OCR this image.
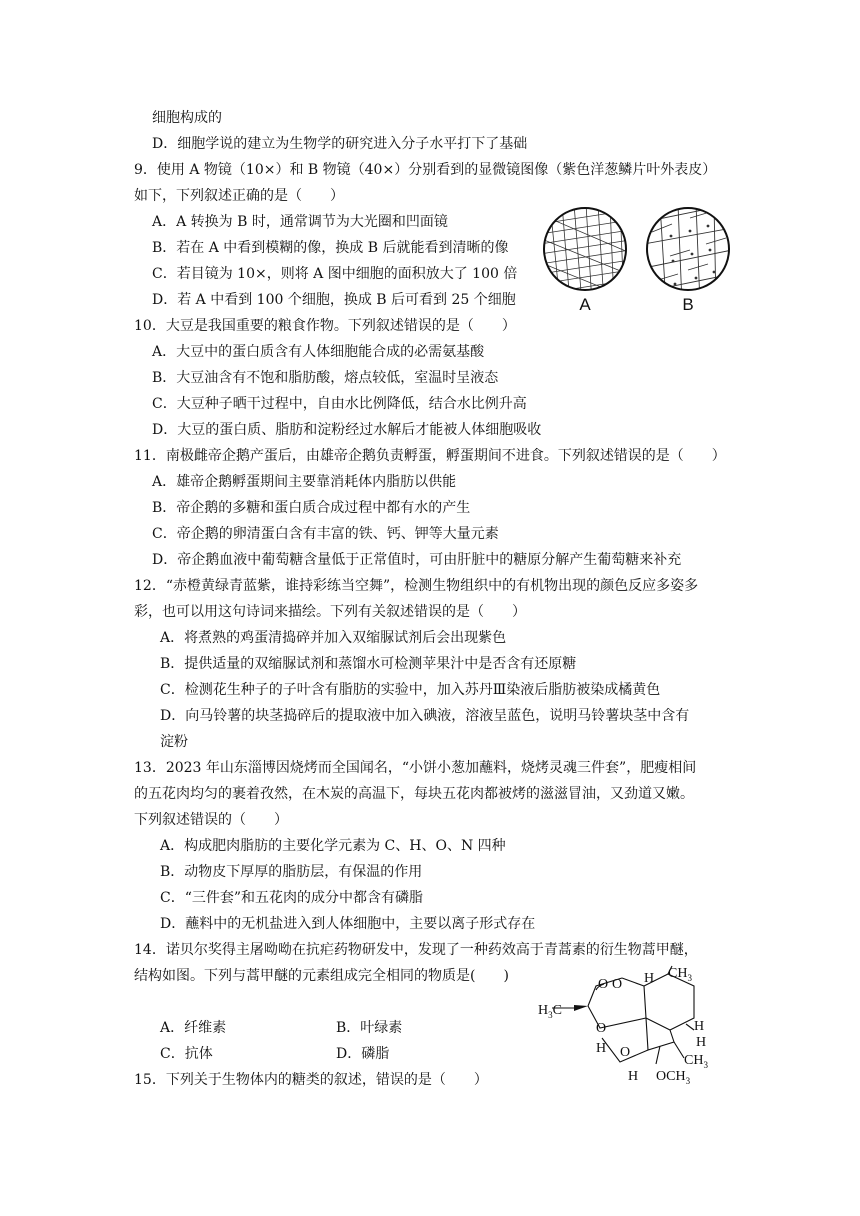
细胞构成的
D．细胞学说的建立为生物学的研究进入分子水平打下了基础
9．使用 A 物镜（10×）和 B 物镜（40×）分别看到的显微镜图像（紫色洋葱鳞片叶外表皮）
如下，下列叙述正确的是（　　）
A．A 转换为 B 时，通常调节为大光圈和凹面镜
B．若在 A 中看到模糊的像，换成 B 后就能看到清晰的像
C．若目镜为 10×，则将 A 图中细胞的面积放大了 100 倍
D．若 A 中看到 100 个细胞，换成 B 后可看到 25 个细胞	A	B
10．大豆是我国重要的粮食作物。下列叙述错误的是（　　）
A．大豆中的蛋白质含有人体细胞能合成的必需氨基酸
B．大豆油含有不饱和脂肪酸，熔点较低，室温时呈液态
C．大豆种子晒干过程中，自由水比例降低，结合水比例升高
D．大豆的蛋白质、脂肪和淀粉经过水解后才能被人体细胞吸收
11．南极雌帝企鹅产蛋后，由雄帝企鹅负责孵蛋，孵蛋期间不进食。下列叙述错误的是（　　）
A．雄帝企鹅孵蛋期间主要靠消耗体内脂肪以供能
B．帝企鹅的多糖和蛋白质合成过程中都有水的产生
C．帝企鹅的卵清蛋白含有丰富的铁、钙、钾等大量元素
D．帝企鹅血液中葡萄糖含量低于正常值时，可由肝脏中的糖原分解产生葡萄糖来补充
12．“赤橙黄绿青蓝紫，谁持彩练当空舞”，检测生物组织中的有机物出现的颜色反应多姿多
彩，也可以用这句诗词来描绘。下列有关叙述错误的是（　　）
A．将煮熟的鸡蛋清捣碎并加入双缩脲试剂后会出现紫色
B．提供适量的双缩脲试剂和蒸馏水可检测苹果汁中是否含有还原糖
C．检测花生种子的子叶含有脂肪的实验中，加入苏丹Ⅲ染液后脂肪被染成橘黄色
D．向马铃薯的块茎捣碎后的提取液中加入碘液，溶液呈蓝色，说明马铃薯块茎中含有
淀粉
13．2023 年山东淄博因烧烤而全国闻名，“小饼小葱加蘸料，烧烤灵魂三件套”，肥瘦相间
的五花肉均匀的裹着孜然，在木炭的高温下，每块五花肉都被烤的滋滋冒油，又劲道又嫩。
下列叙述错误的（　　）
A．构成肥肉脂肪的主要化学元素为 C、H、O、N 四种
B．动物皮下厚厚的脂肪层，有保温的作用
C．“三件套”和五花肉的成分中都含有磷脂
D．蘸料中的无机盐进入到人体细胞中，主要以离子形式存在
14．诺贝尔奖得主屠呦呦在抗疟药物研发中，发现了一种药效高于青蒿素的衍生物蒿甲醚，
结构如图。下列与蒿甲醚的元素组成完全相同的物质是(　　)
A．纤维素	B．叶绿素
C．抗体	D．磷脂
$CH_3$
H
$H_3C$
O O
O
O
H
H
H
$CH_3$
H $OCH_3$
15．下列关于生物体内的糖类的叙述，错误的是（　　）
